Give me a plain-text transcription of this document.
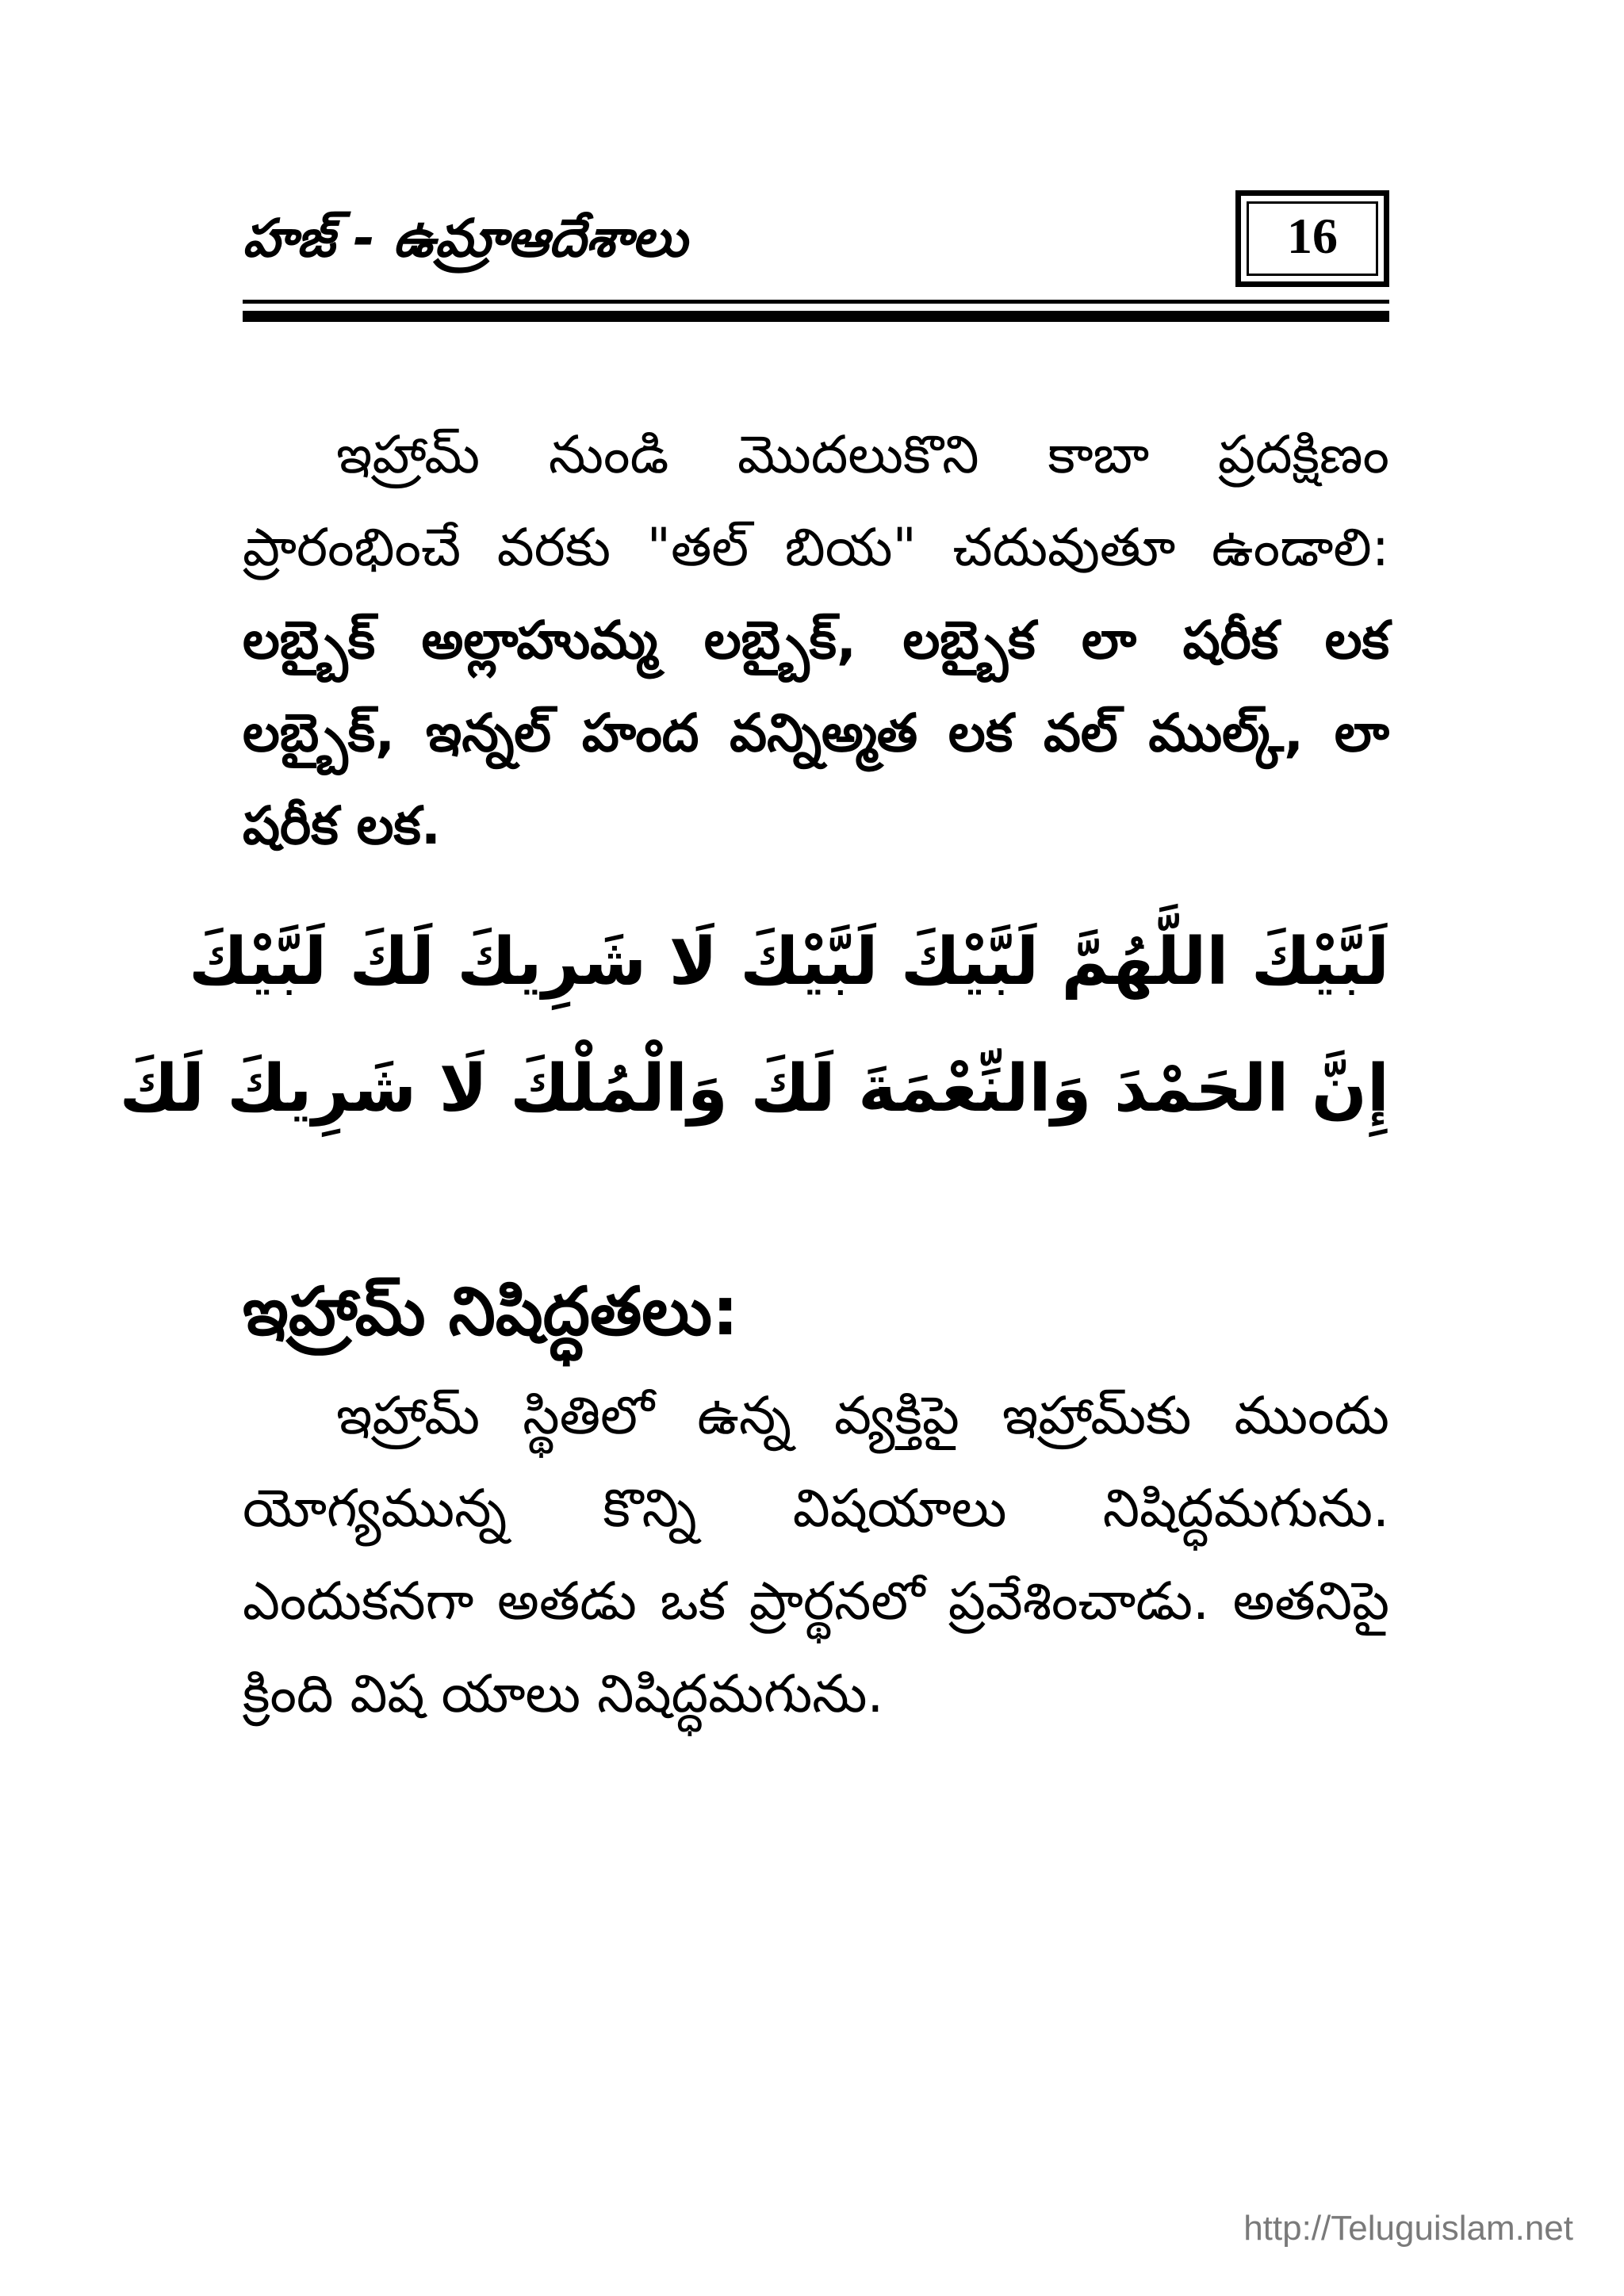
హజ్ - ఉమ్రాఆదేశాలు	16

ఇహ్రామ్ నుండి మొదలుకొని కాబా ప్రదక్షిణం ప్రారంభించే వరకు "తల్ బియ" చదువుతూ ఉండాలి: లబ్బైక్ అల్లాహుమ్మ లబ్బైక్, లబ్బైక లా షరీక లక లబ్బైక్, ఇన్నల్ హంద వన్నిఅ్మత లక వల్ ముల్క్, లా షరీక లక.

لَبَّيْكَ اللَّهُمَّ لَبَّيْكَ لَبَّيْكَ لَا شَرِيكَ لَكَ لَبَّيْكَ
إِنَّ الحَمْدَ وَالنِّعْمَةَ لَكَ وَالْمُلْكَ لَا شَرِيكَ لَكَ
ఇహ్రామ్ నిషిద్ధతలు:

ఇహ్రామ్ స్థితిలో ఉన్న వ్యక్తిపై ఇహ్రామ్‌కు ముందు యోగ్యమున్న కొన్ని విషయాలు నిషిద్ధమగును. ఎందుకనగా అతడు ఒక ప్రార్థనలో ప్రవేశించాడు. అతనిపై క్రింది విష యాలు నిషిద్ధమగును.

http://Teluguislam.net
